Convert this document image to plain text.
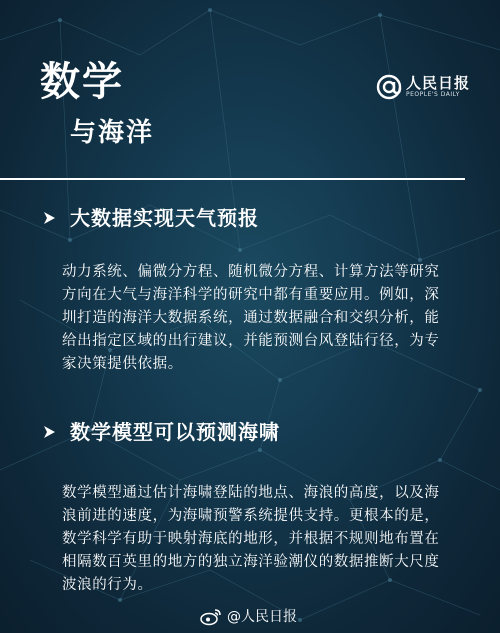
数学
与海洋
人民日报
PEOPLE'S DAILY
大数据实现天气预报

动力系统、偏微分方程、随机微分方程、计算方法等研究方向在大气与海洋科学的研究中都有重要应用。例如，深圳打造的海洋大数据系统，通过数据融合和交织分析，能给出指定区域的出行建议，并能预测台风登陆行径，为专家决策提供依据。

数学模型可以预测海啸

数学模型通过估计海啸登陆的地点、海浪的高度，以及海浪前进的速度，为海啸预警系统提供支持。更根本的是，数学科学有助于映射海底的地形，并根据不规则地布置在相隔数百英里的地方的独立海洋验潮仪的数据推断大尺度波浪的行为。

@人民日报
